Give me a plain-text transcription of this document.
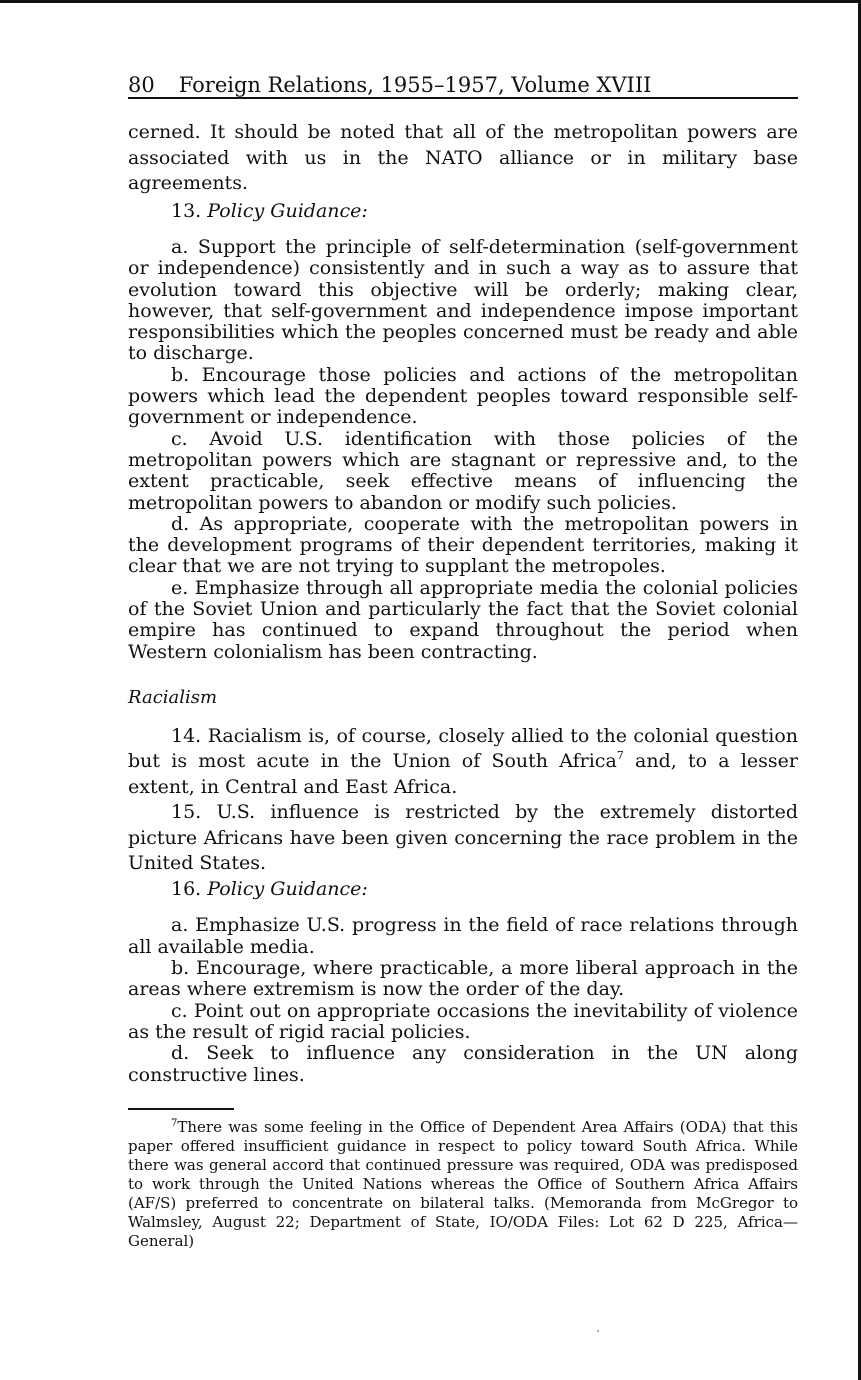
80 Foreign Relations, 1955–1957, Volume XVIII

cerned. It should be noted that all of the metropolitan powers are associated with us in the NATO alliance or in military base agreements.

13. Policy Guidance:

a. Support the principle of self-determination (self-government or independence) consistently and in such a way as to assure that evolution toward this objective will be orderly; making clear, however, that self-government and independence impose important responsibilities which the peoples concerned must be ready and able to discharge.

b. Encourage those policies and actions of the metropolitan powers which lead the dependent peoples toward responsible self-government or independence.

c. Avoid U.S. identification with those policies of the metropolitan powers which are stagnant or repressive and, to the extent practicable, seek effective means of influencing the metropolitan powers to abandon or modify such policies.

d. As appropriate, cooperate with the metropolitan powers in the development programs of their dependent territories, making it clear that we are not trying to supplant the metropoles.

e. Emphasize through all appropriate media the colonial policies of the Soviet Union and particularly the fact that the Soviet colonial empire has continued to expand throughout the period when Western colonialism has been contracting.

Racialism

14. Racialism is, of course, closely allied to the colonial question but is most acute in the Union of South Africa$^7$ and, to a lesser extent, in Central and East Africa.

15. U.S. influence is restricted by the extremely distorted picture Africans have been given concerning the race problem in the United States.

16. Policy Guidance:

a. Emphasize U.S. progress in the field of race relations through all available media.

b. Encourage, where practicable, a more liberal approach in the areas where extremism is now the order of the day.

c. Point out on appropriate occasions the inevitability of violence as the result of rigid racial policies.

d. Seek to influence any consideration in the UN along constructive lines.

$^7$There was some feeling in the Office of Dependent Area Affairs (ODA) that this paper offered insufficient guidance in respect to policy toward South Africa. While there was general accord that continued pressure was required, ODA was predisposed to work through the United Nations whereas the Office of Southern Africa Affairs (AF/S) preferred to concentrate on bilateral talks. (Memoranda from McGregor to Walmsley, August 22; Department of State, IO/ODA Files: Lot 62 D 225, Africa—General)
